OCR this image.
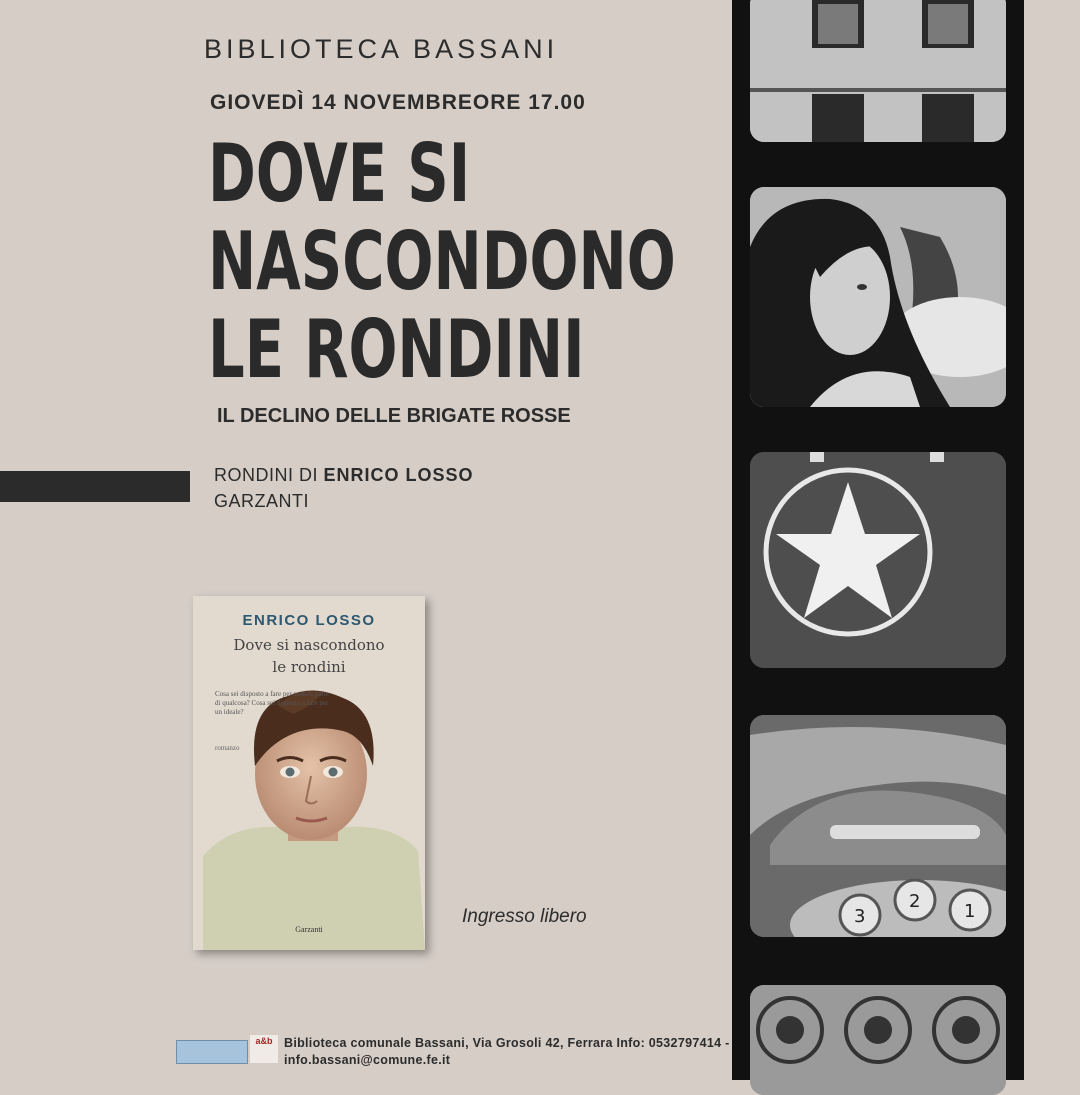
BIBLIOTECA BASSANI
GIOVEDÌ 14 NOVEMBREORE 17.00
DOVE SI
NASCONDONO
LE RONDINI
IL DECLINO DELLE BRIGATE ROSSE
RONDINI DI ENRICO LOSSO
GARZANTI
ENRICO LOSSO
Dove si nascondono
le rondini
Cosa sei disposto a fare per sentirti parte di qualcosa? Cosa sei disposto a fare per un ideale?
romanzo
Garzanti
Ingresso libero	3
2 1
a&b Biblioteca comunale Bassani, Via Grosoli 42, Ferrara Info: 0532797414 -
info.bassani@comune.fe.it
